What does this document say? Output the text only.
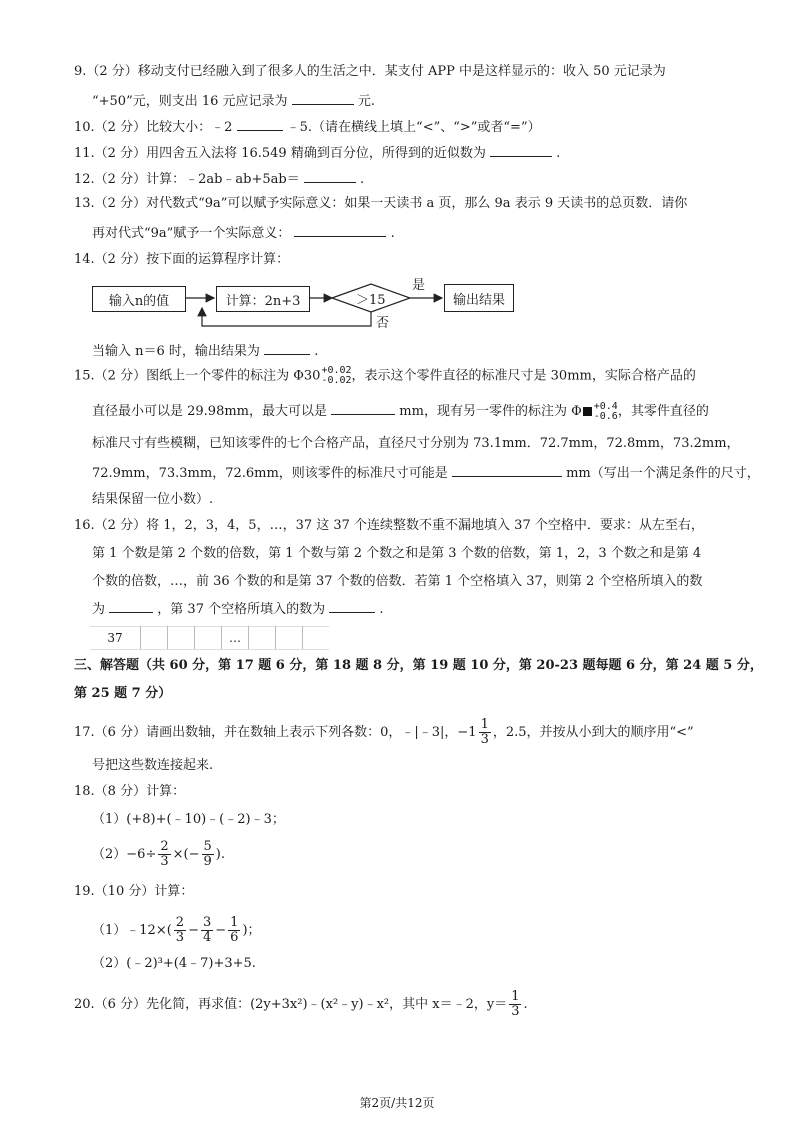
9.（2 分）移动支付已经融入到了很多人的生活之中．某支付 APP 中是这样显示的：收入 50 元记录为
“+50”元，则支出 16 元应记录为	元.
10.（2 分）比较大小：﹣2	﹣5.（请在横线上填上“<”、“>”或者“=”）
11.（2 分）用四舍五入法将 16.549 精确到百分位，所得到的近似数为	.
12.（2 分）计算：﹣2ab﹣ab+5ab＝	.
13.（2 分）对代数式“9a”可以赋予实际意义：如果一天读书 a 页，那么 9a 表示 9 天读书的总页数．请你
再对代式“9a”赋予一个实际意义：	.
14.（2 分）按下面的运算程序计算：
输入n的值	计算：2n+3	＞15	输出结果
是
否
当输入 n＝6 时，输出结果为	.
15.（2 分）图纸上一个零件的标注为 Φ30 +0.02
-0.02 ，表示这个零件直径的标准尺寸是 30mm，实际合格产品的
直径最小可以是 29.98mm，最大可以是	mm，现有另一零件的标注为 Φ +0.4
-0.6 ，其零件直径的
标准尺寸有些模糊，已知该零件的七个合格产品，直径尺寸分别为 73.1mm．72.7mm，72.8mm，73.2mm，
72.9mm，73.3mm，72.6mm，则该零件的标准尺寸可能是	mm（写出一个满足条件的尺寸，
结果保留一位小数）.
16.（2 分）将 1，2，3，4，5，…，37 这 37 个连续整数不重不漏地填入 37 个空格中．要求：从左至右，
第 1 个数是第 2 个数的倍数，第 1 个数与第 2 个数之和是第 3 个数的倍数，第 1，2，3 个数之和是第 4
个数的倍数，…，前 36 个数的和是第 37 个数的倍数．若第 1 个空格填入 37，则第 2 个空格所填入的数
为	，第 37 个空格所填入的数为	.
37				…			
三、解答题（共 60 分，第 17 题 6 分，第 18 题 8 分，第 19 题 10 分，第 20-23 题每题 6 分，第 24 题 5 分，
第 25 题 7 分）
17.（6 分）请画出数轴，并在数轴上表示下列各数：0，﹣|﹣3|，$-1 \frac{1}{3}$ ，2.5，并按从小到大的顺序用“<”
号把这些数连接起来.
18.（8 分）计算：
（1）(+8)+(﹣10)﹣(﹣2)﹣3；
$(2)-6\div \frac{2}{3}$ ×(− $\frac{5}{9}$ ).
19.（10 分）计算：
（1）﹣12×( $\frac{2}{3} - \frac{3}{4} - \frac{1}{6}$ )；
（2）(﹣2)³+(4﹣7)+3+5.
20.（6 分）先化简，再求值：(2y+3x²)﹣(x²﹣y)﹣x²，其中 x＝﹣2，$y= \frac{1}{3}$ .
第2页/共12页
